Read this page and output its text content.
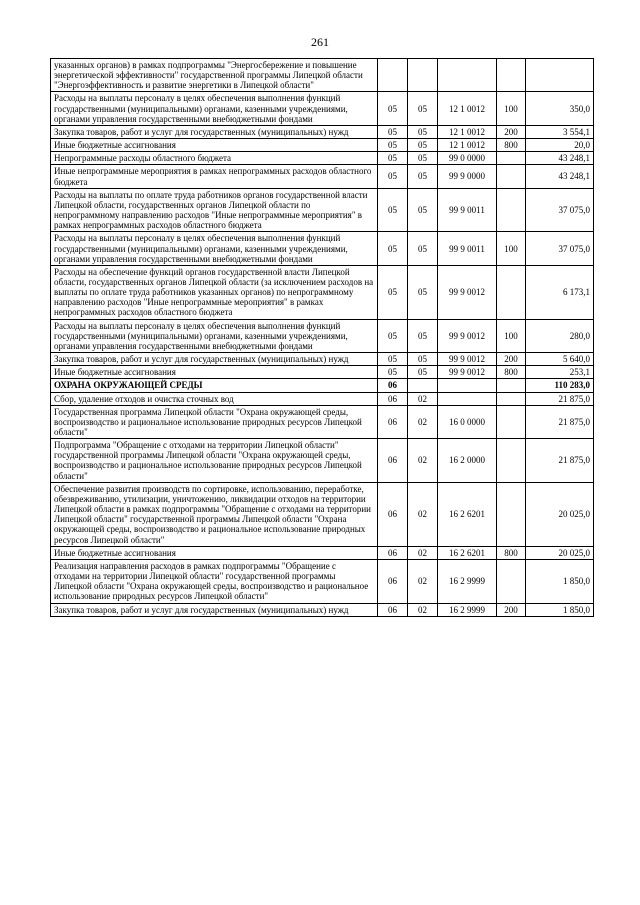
261
указанных органов) в рамках подпрограммы "Энергосбережение и повышение энергетической эффективности" государственной программы Липецкой области "Энергоэффективность и развитие энергетики в Липецкой области"					
Расходы на выплаты персоналу в целях обеспечения выполнения функций государственными (муниципальными) органами, казенными учреждениями, органами управления государственными внебюджетными фондами	05	05	12 1 0012	100	350,0
Закупка товаров, работ и услуг для государственных (муниципальных) нужд	05	05	12 1 0012	200	3 554,1
Иные бюджетные ассигнования	05	05	12 1 0012	800	20,0
Непрограммные расходы областного бюджета	05	05	99 0 0000		43 248,1
Иные непрограммные мероприятия в рамках непрограммных расходов областного бюджета	05	05	99 9 0000		43 248,1
Расходы на выплаты по оплате труда работников органов государственной власти Липецкой области, государственных органов Липецкой области по непрограммному направлению расходов "Иные непрограммные мероприятия" в рамках непрограммных расходов областного бюджета	05	05	99 9 0011		37 075,0
Расходы на выплаты персоналу в целях обеспечения выполнения функций государственными (муниципальными) органами, казенными учреждениями, органами управления государственными внебюджетными фондами	05	05	99 9 0011	100	37 075,0
Расходы на обеспечение функций органов государственной власти Липецкой области, государственных органов Липецкой области (за исключением расходов на выплаты по оплате труда работников указанных органов) по непрограммному направлению расходов "Иные непрограммные мероприятия" в рамках непрограммных расходов областного бюджета	05	05	99 9 0012		6 173,1
Расходы на выплаты персоналу в целях обеспечения выполнения функций государственными (муниципальными) органами, казенными учреждениями, органами управления государственными внебюджетными фондами	05	05	99 9 0012	100	280,0
Закупка товаров, работ и услуг для государственных (муниципальных) нужд	05	05	99 9 0012	200	5 640,0
Иные бюджетные ассигнования	05	05	99 9 0012	800	253,1
ОХРАНА ОКРУЖАЮЩЕЙ СРЕДЫ	06				110 283,0
Сбор, удаление отходов и очистка сточных вод	06	02			21 875,0
Государственная программа Липецкой области "Охрана окружающей среды, воспроизводство и рациональное использование природных ресурсов Липецкой области"	06	02	16 0 0000		21 875,0
Подпрограмма "Обращение с отходами на территории Липецкой области" государственной программы Липецкой области "Охрана окружающей среды, воспроизводство и рациональное использование природных ресурсов Липецкой области"	06	02	16 2 0000		21 875,0
Обеспечение развития производств по сортировке, использованию, переработке, обезвреживанию, утилизации, уничтожению, ликвидации отходов на территории Липецкой области в рамках подпрограммы "Обращение с отходами на территории Липецкой области" государственной программы Липецкой области "Охрана окружающей среды, воспроизводство и рациональное использование природных ресурсов Липецкой области"	06	02	16 2 6201		20 025,0
Иные бюджетные ассигнования	06	02	16 2 6201	800	20 025,0
Реализация направления расходов в рамках подпрограммы "Обращение с отходами на территории Липецкой области" государственной программы Липецкой области "Охрана окружающей среды, воспроизводство и рациональное использование природных ресурсов Липецкой области"	06	02	16 2 9999		1 850,0
Закупка товаров, работ и услуг для государственных (муниципальных) нужд	06	02	16 2 9999	200	1 850,0
